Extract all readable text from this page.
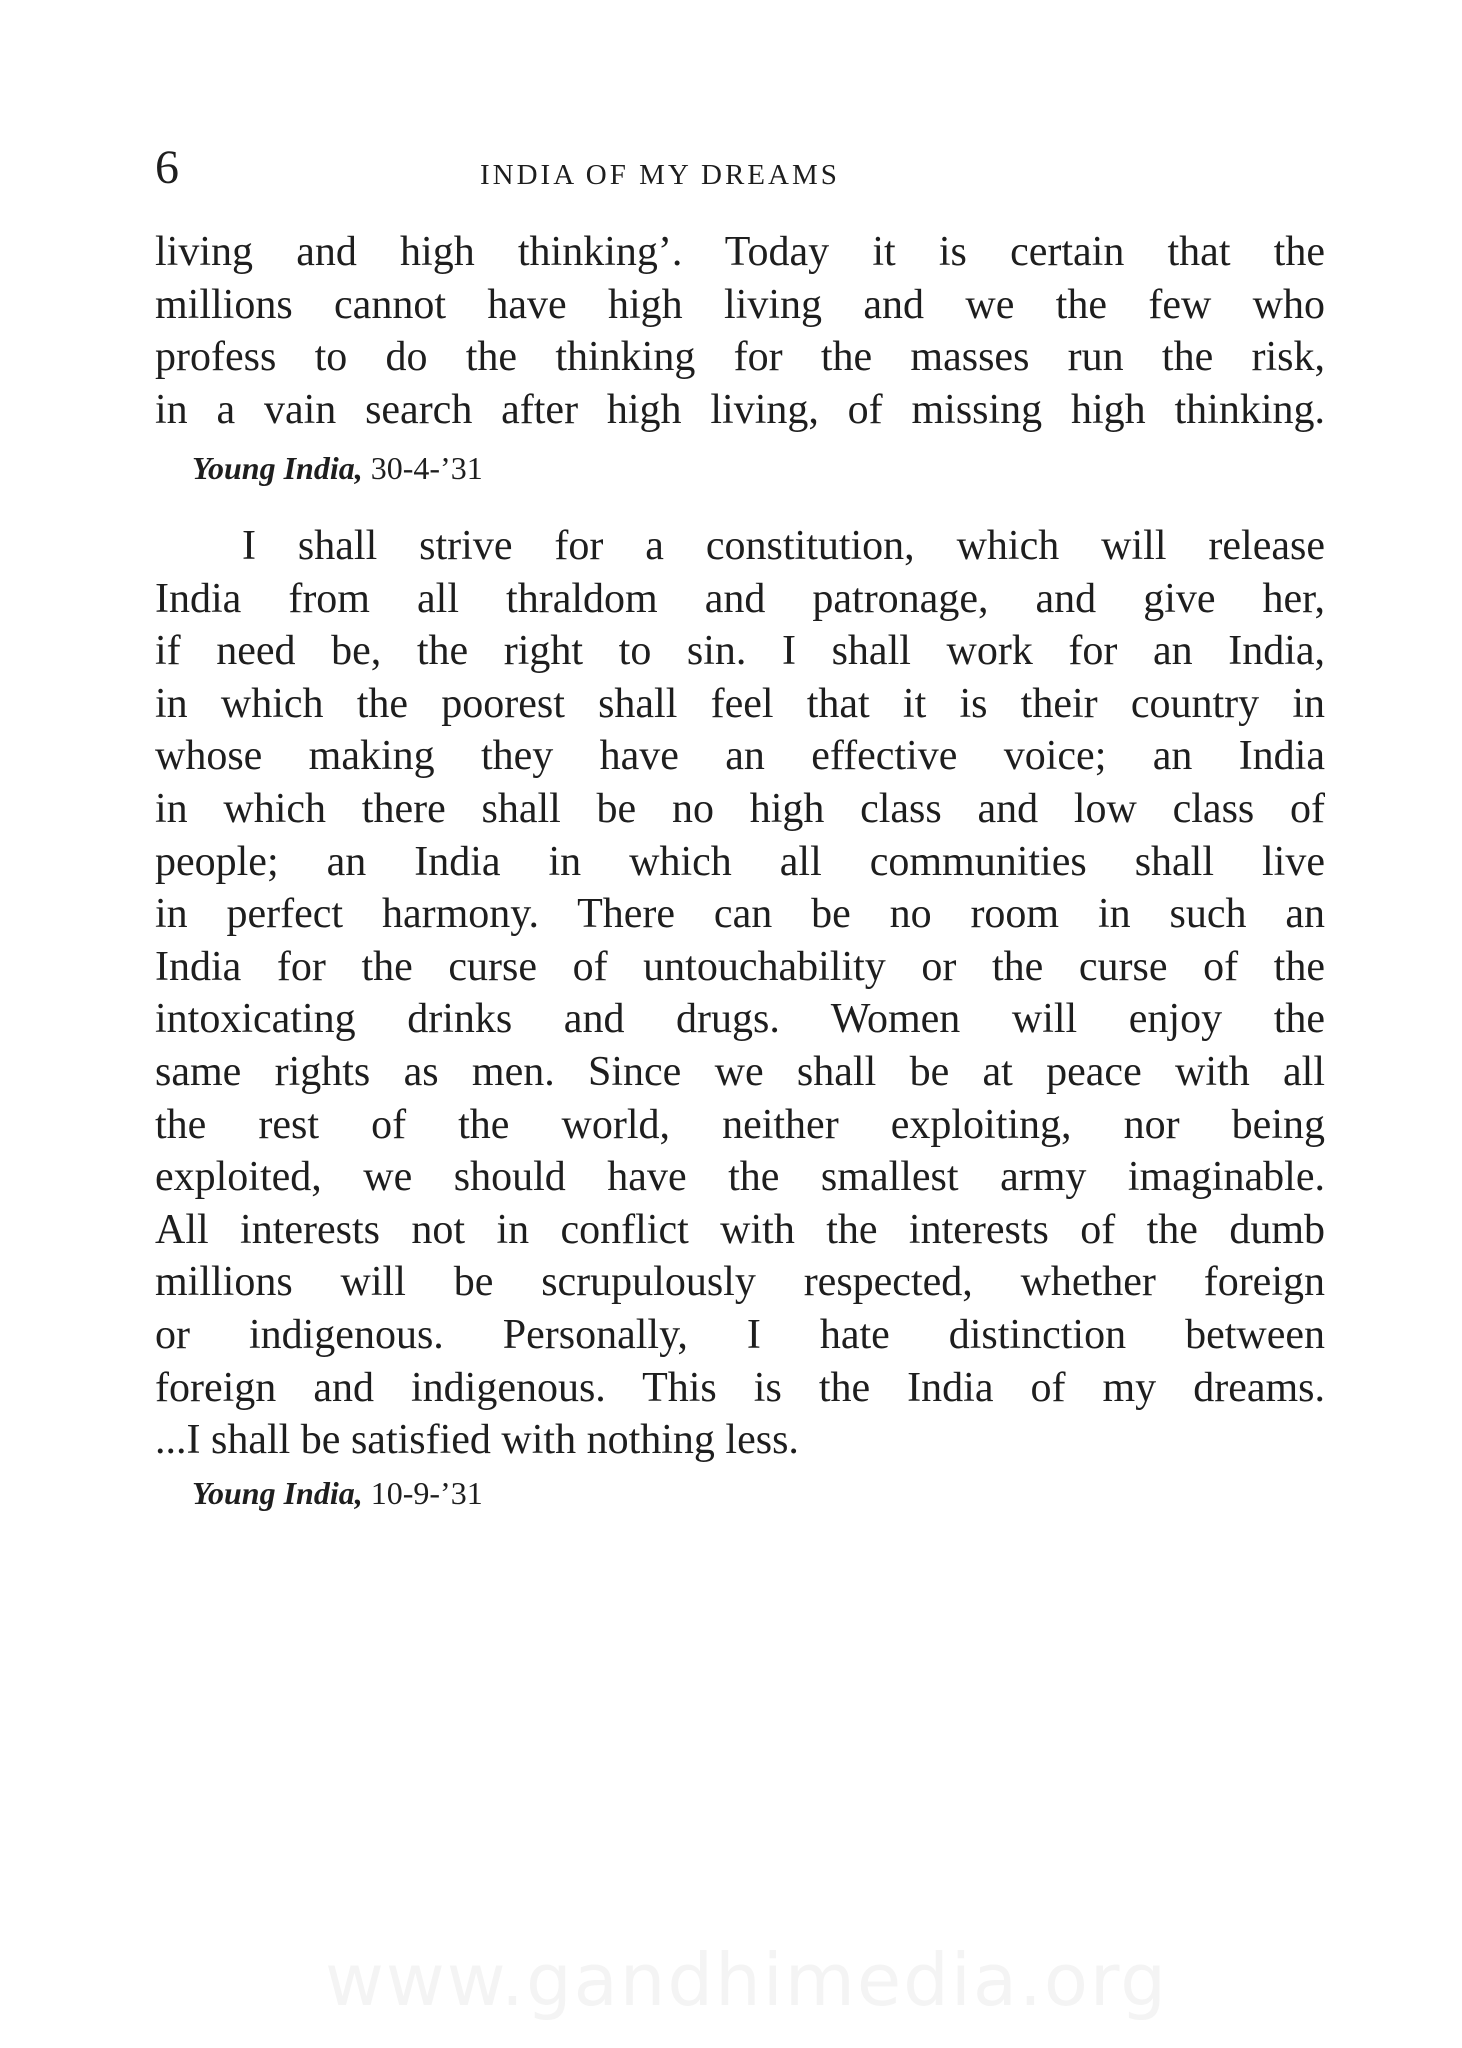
6	INDIA OF MY DREAMS
living and high thinking’. Today it is certain that the
millions cannot have high living and we the few who
profess to do the thinking for the masses run the risk,
in a vain search after high living, of missing high thinking.
Young India, 30-4-’31
I shall strive for a constitution, which will release
India from all thraldom and patronage, and give her,
if need be, the right to sin. I shall work for an India,
in which the poorest shall feel that it is their country in
whose making they have an effective voice; an India
in which there shall be no high class and low class of
people; an India in which all communities shall live
in perfect harmony. There can be no room in such an
India for the curse of untouchability or the curse of the
intoxicating drinks and drugs. Women will enjoy the
same rights as men. Since we shall be at peace with all
the rest of the world, neither exploiting, nor being
exploited, we should have the smallest army imaginable.
All interests not in conflict with the interests of the dumb
millions will be scrupulously respected, whether foreign
or indigenous. Personally, I hate distinction between
foreign and indigenous. This is the India of my dreams.
...I shall be satisfied with nothing less.
Young India, 10-9-’31
www.gandhimedia.org
